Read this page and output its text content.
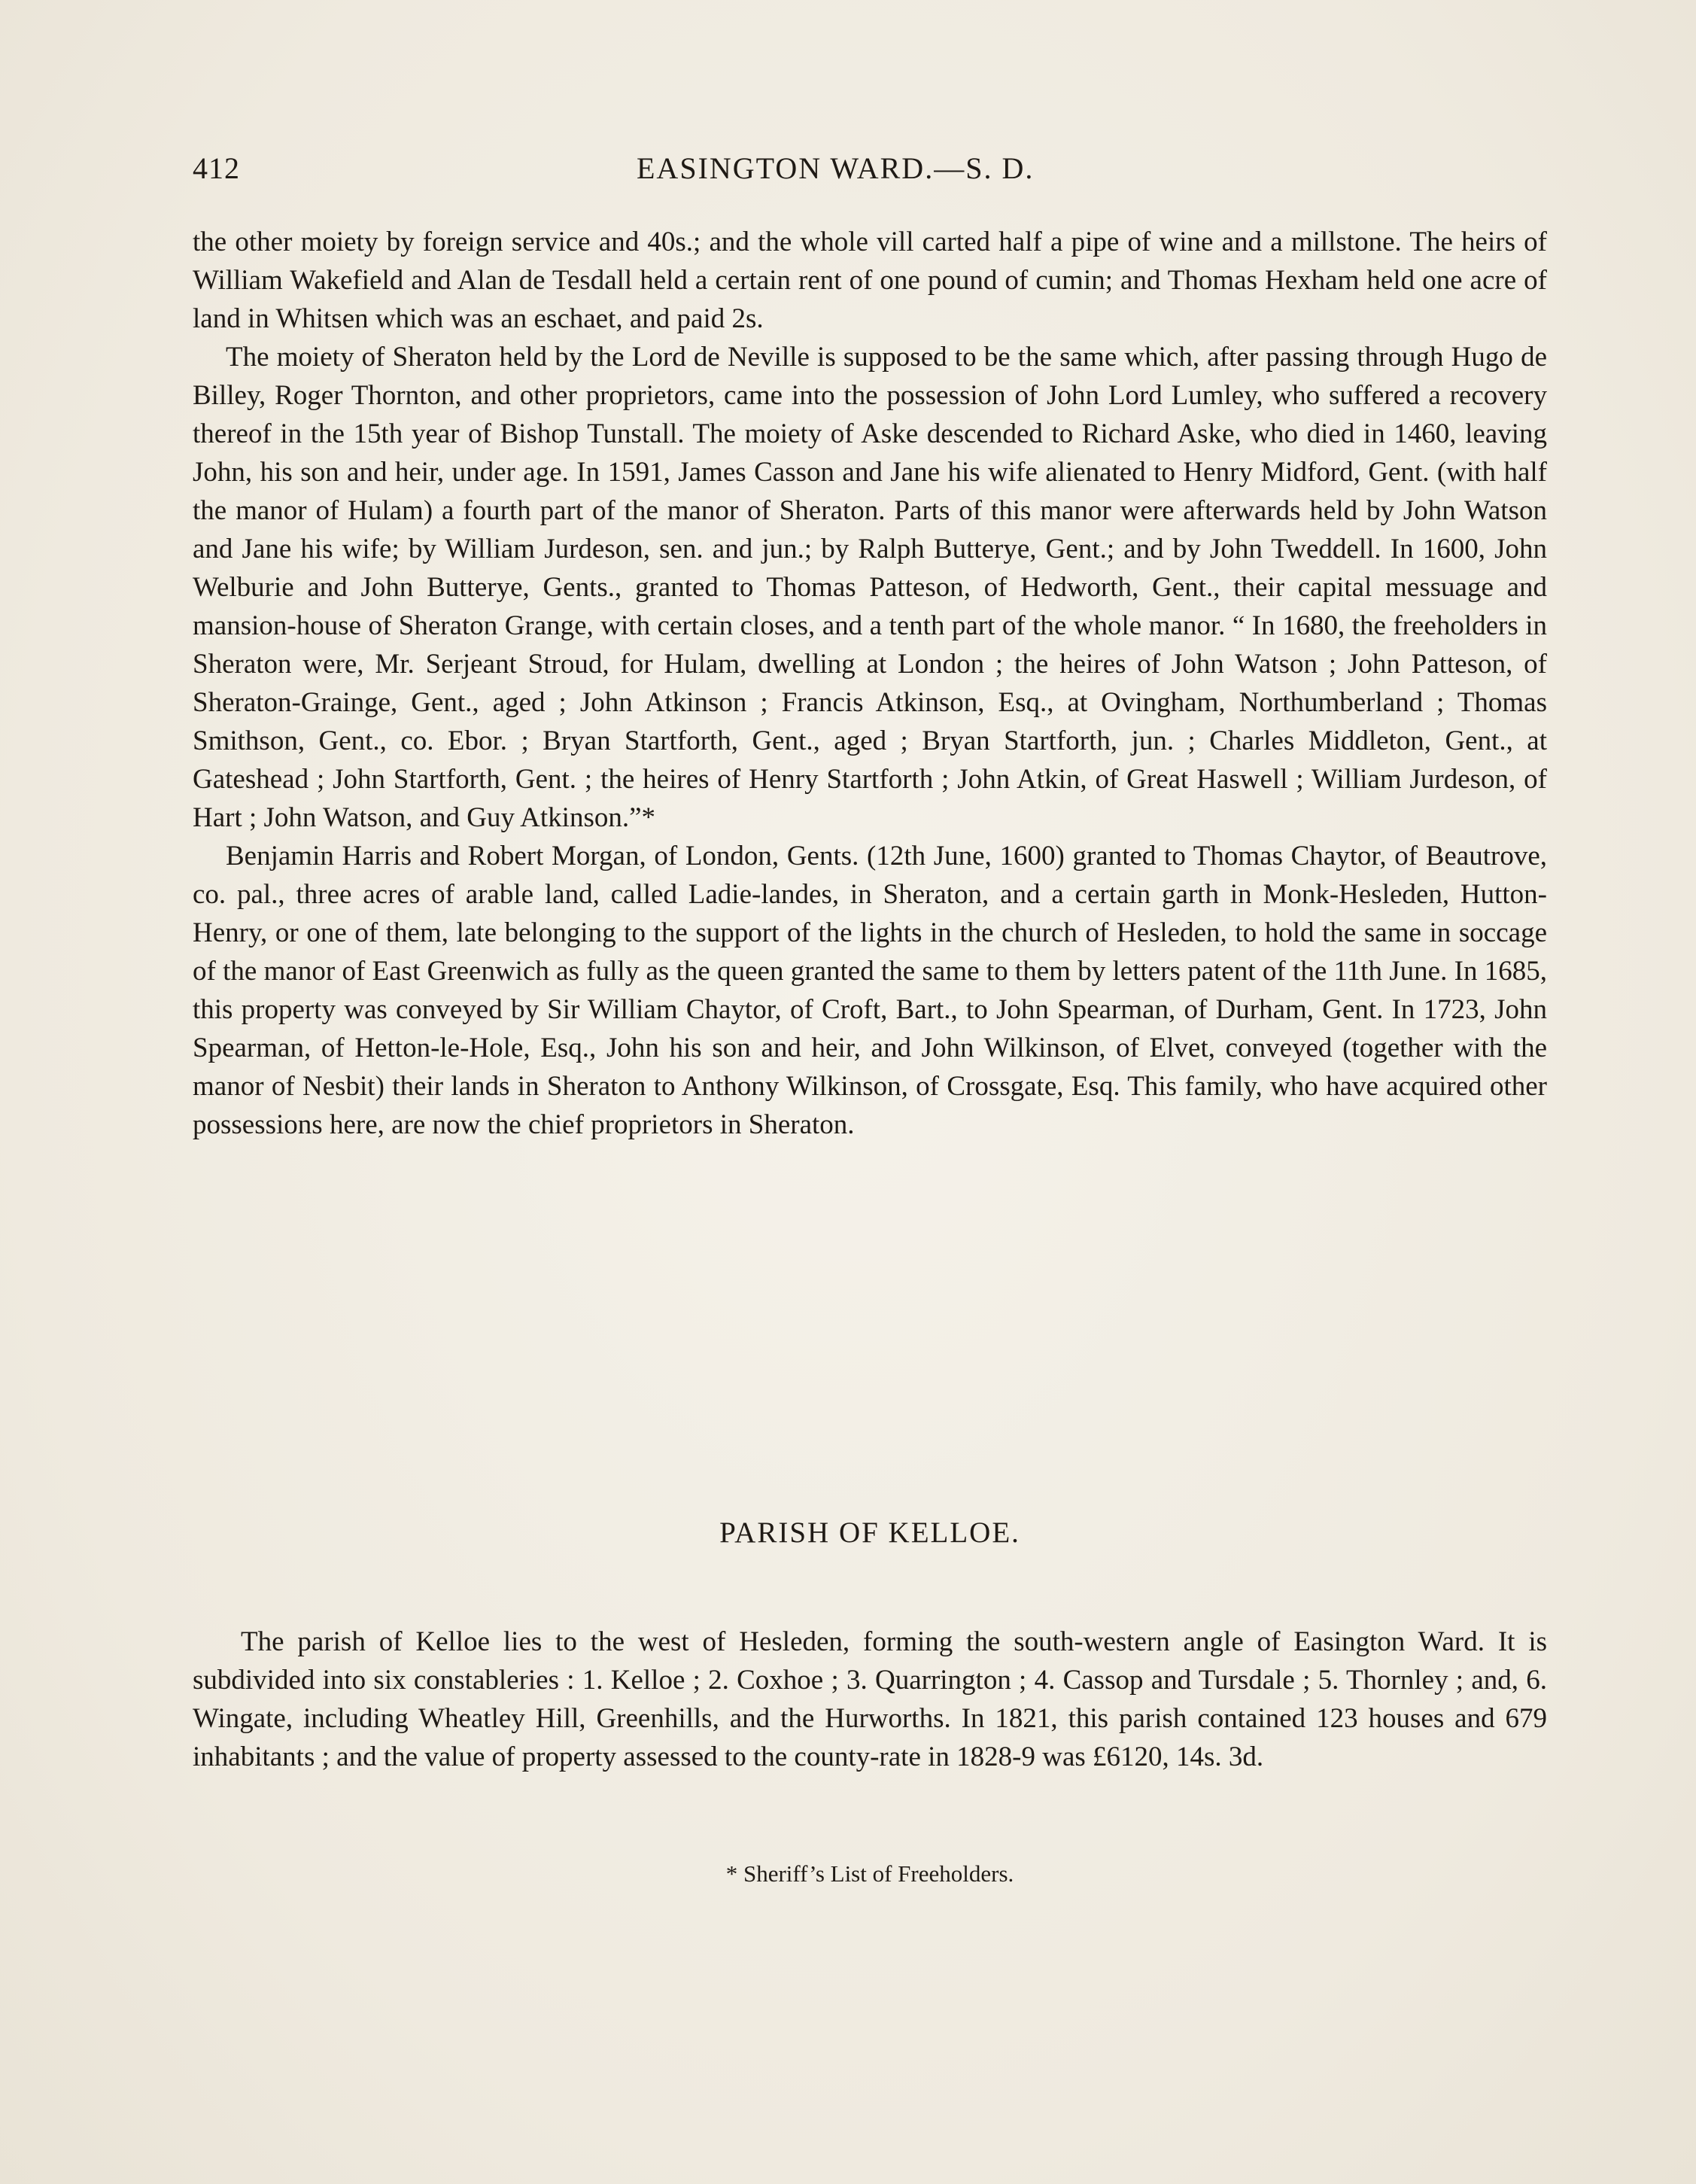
412	EASINGTON WARD.—S. D.

the other moiety by foreign service and 40s.; and the whole vill carted half a pipe of wine and a millstone. The heirs of William Wakefield and Alan de Tesdall held a certain rent of one pound of cumin; and Thomas Hexham held one acre of land in Whitsen which was an eschaet, and paid 2s.

The moiety of Sheraton held by the Lord de Neville is supposed to be the same which, after passing through Hugo de Billey, Roger Thornton, and other proprietors, came into the possession of John Lord Lumley, who suffered a recovery thereof in the 15th year of Bishop Tunstall. The moiety of Aske descended to Richard Aske, who died in 1460, leaving John, his son and heir, under age. In 1591, James Casson and Jane his wife alienated to Henry Midford, Gent. (with half the manor of Hulam) a fourth part of the manor of Sheraton. Parts of this manor were afterwards held by John Watson and Jane his wife; by William Jurdeson, sen. and jun.; by Ralph Butterye, Gent.; and by John Tweddell. In 1600, John Welburie and John Butterye, Gents., granted to Thomas Patteson, of Hedworth, Gent., their capital messuage and mansion-house of Sheraton Grange, with certain closes, and a tenth part of the whole manor. “ In 1680, the freeholders in Sheraton were, Mr. Serjeant Stroud, for Hulam, dwelling at London ; the heires of John Watson ; John Patteson, of Sheraton-Grainge, Gent., aged ; John Atkinson ; Francis Atkinson, Esq., at Ovingham, Northumberland ; Thomas Smithson, Gent., co. Ebor. ; Bryan Startforth, Gent., aged ; Bryan Startforth, jun. ; Charles Middleton, Gent., at Gateshead ; John Startforth, Gent. ; the heires of Henry Startforth ; John Atkin, of Great Haswell ; William Jurdeson, of Hart ; John Watson, and Guy Atkinson.”*

Benjamin Harris and Robert Morgan, of London, Gents. (12th June, 1600) granted to Thomas Chaytor, of Beautrove, co. pal., three acres of arable land, called Ladie-landes, in Sheraton, and a certain garth in Monk-Hesleden, Hutton-Henry, or one of them, late belonging to the support of the lights in the church of Hesleden, to hold the same in soccage of the manor of East Greenwich as fully as the queen granted the same to them by letters patent of the 11th June. In 1685, this property was conveyed by Sir William Chaytor, of Croft, Bart., to John Spearman, of Durham, Gent. In 1723, John Spearman, of Hetton-le-Hole, Esq., John his son and heir, and John Wilkinson, of Elvet, conveyed (together with the manor of Nesbit) their lands in Sheraton to Anthony Wilkinson, of Crossgate, Esq. This family, who have acquired other possessions here, are now the chief proprietors in Sheraton.

PARISH OF KELLOE.

The parish of Kelloe lies to the west of Hesleden, forming the south-western angle of Easington Ward. It is subdivided into six constableries : 1. Kelloe ; 2. Coxhoe ; 3. Quarrington ; 4. Cassop and Tursdale ; 5. Thornley ; and, 6. Wingate, including Wheatley Hill, Greenhills, and the Hurworths. In 1821, this parish contained 123 houses and 679 inhabitants ; and the value of property assessed to the county-rate in 1828-9 was £6120, 14s. 3d.

* Sheriff’s List of Freeholders.
